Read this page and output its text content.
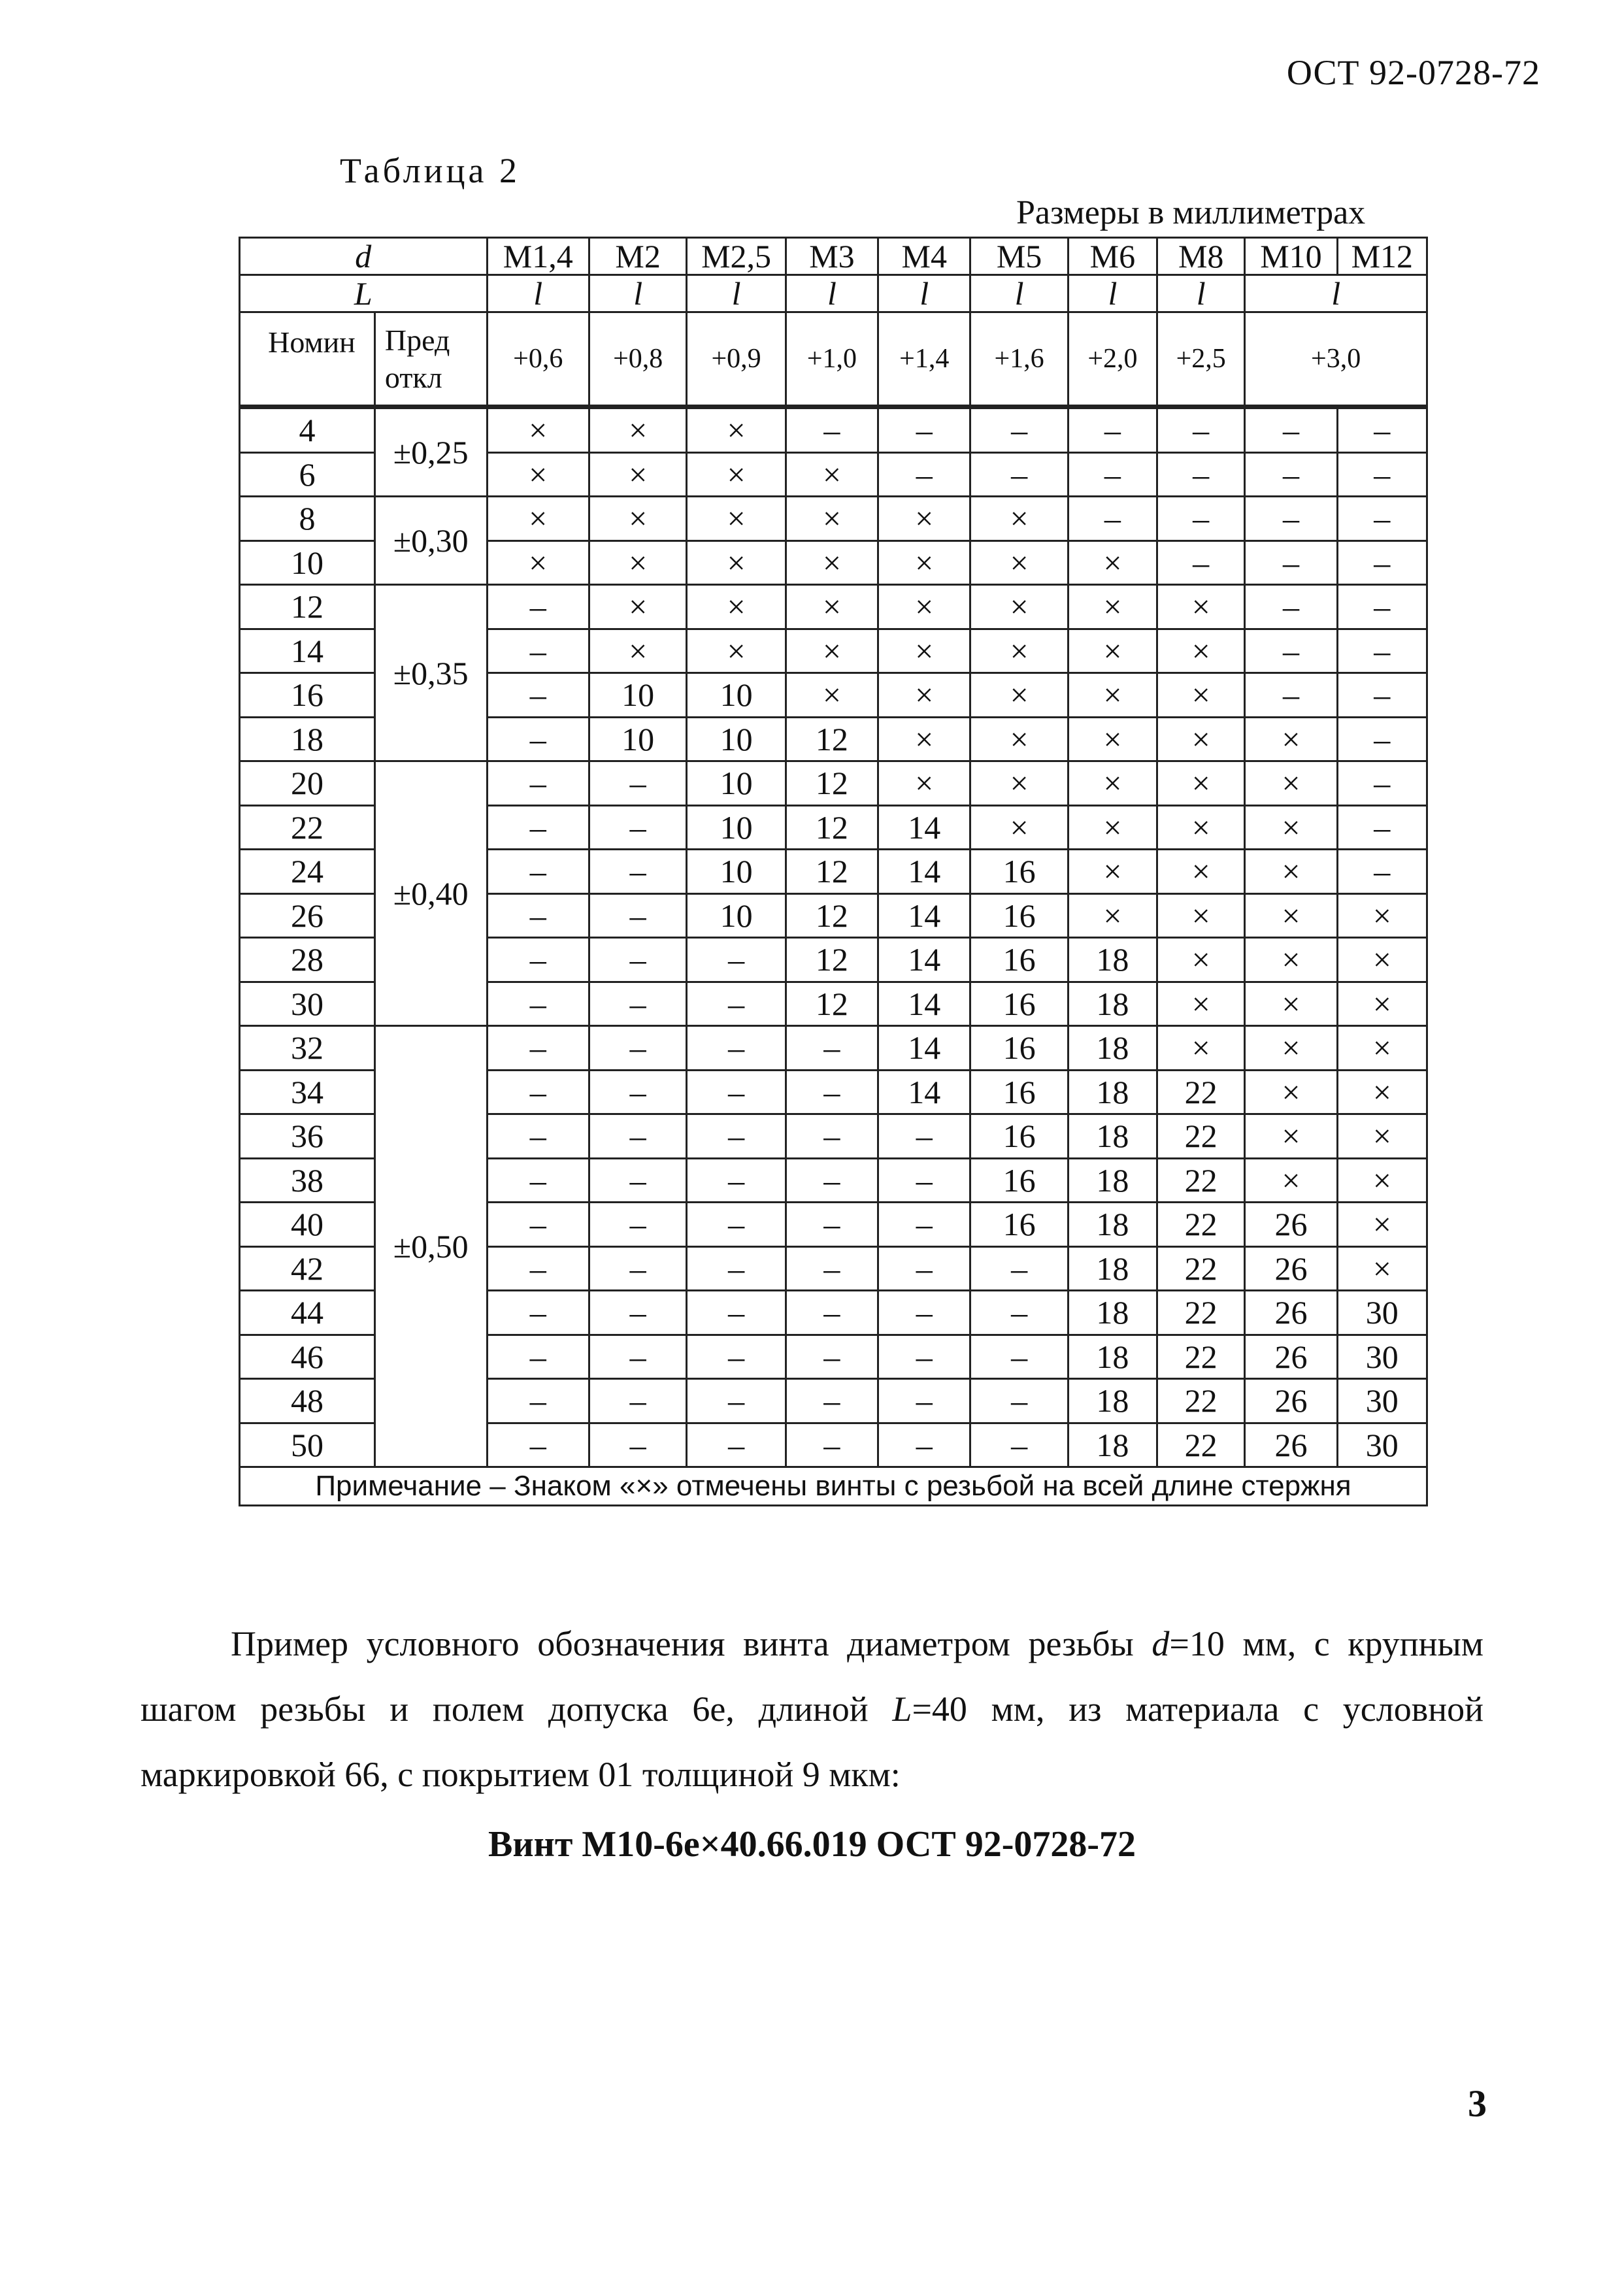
ОСТ 92-0728-72
Таблица 2
Размеры в миллиметрах
d		М1,4	М2	М2,5	М3	М4	М5	М6	М8	М10	М12
L		l	l	l	l	l	l	l	l	l	
Номин	Пред откл	+0,6	+0,8	+0,9	+1,0	+1,4	+1,6	+2,0	+2,5	+3,0	
4	±0,25	×	×	×	–	–	–	–	–	–	–
6		×	×	×	×	–	–	–	–	–	–
8	±0,30	×	×	×	×	×	×	–	–	–	–
10		×	×	×	×	×	×	×	–	–	–
12	±0,35	–	×	×	×	×	×	×	×	–	–
14		–	×	×	×	×	×	×	×	–	–
16		–	10	10	×	×	×	×	×	–	–
18		–	10	10	12	×	×	×	×	×	–
20	±0,40	–	–	10	12	×	×	×	×	×	–
22		–	–	10	12	14	×	×	×	×	–
24		–	–	10	12	14	16	×	×	×	–
26		–	–	10	12	14	16	×	×	×	×
28		–	–	–	12	14	16	18	×	×	×
30		–	–	–	12	14	16	18	×	×	×
32	±0,50	–	–	–	–	14	16	18	×	×	×
34		–	–	–	–	14	16	18	22	×	×
36		–	–	–	–	–	16	18	22	×	×
38		–	–	–	–	–	16	18	22	×	×
40		–	–	–	–	–	16	18	22	26	×
42		–	–	–	–	–	–	18	22	26	×
44		–	–	–	–	–	–	18	22	26	30
46		–	–	–	–	–	–	18	22	26	30
48		–	–	–	–	–	–	18	22	26	30
50		–	–	–	–	–	–	18	22	26	30
Примечание – Знаком «×» отмечены винты с резьбой на всей длине стержня											
Пример условного обозначения винта диаметром резьбы d=10 мм, с крупным шагом резьбы и полем допуска 6е, длиной L=40 мм, из материала с условной маркировкой 66, с покрытием 01 толщиной 9 мкм:
Винт М10-6е×40.66.019 ОСТ 92-0728-72
3
